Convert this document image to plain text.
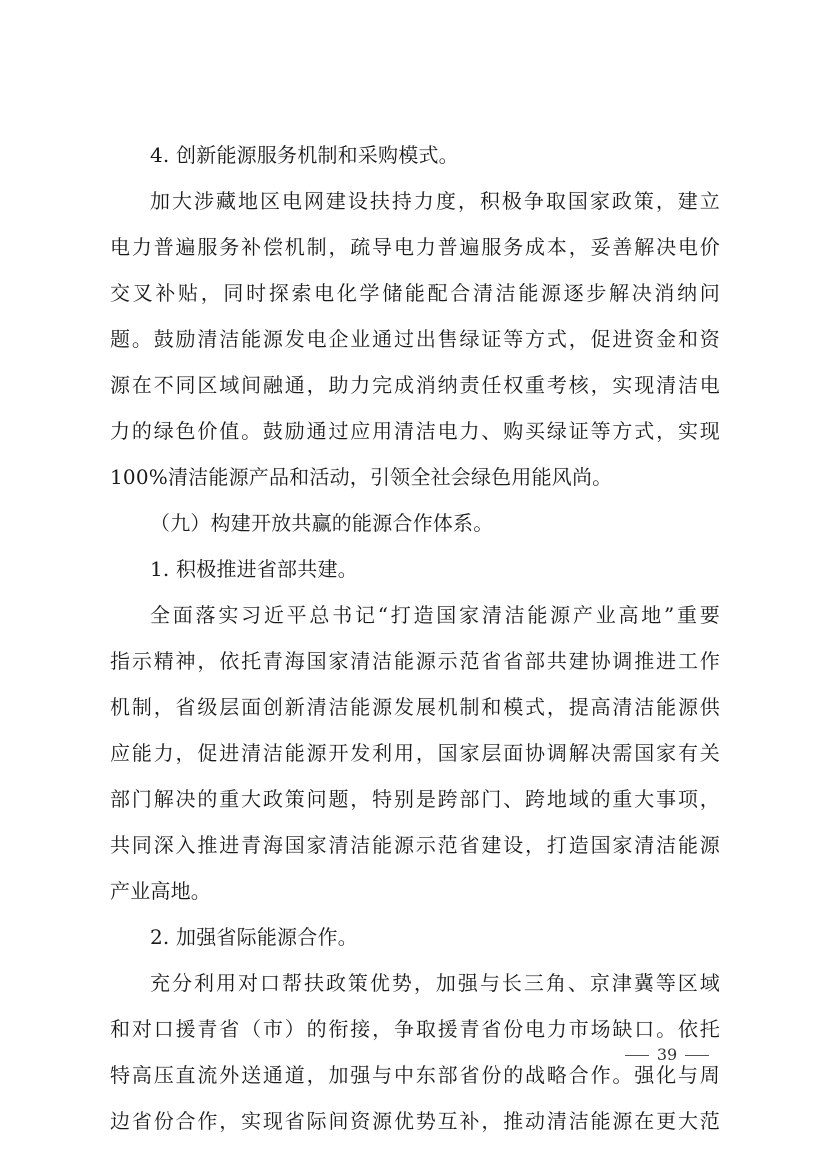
4. 创新能源服务机制和采购模式。
加大涉藏地区电网建设扶持力度，积极争取国家政策，建立
电力普遍服务补偿机制，疏导电力普遍服务成本，妥善解决电价
交叉补贴，同时探索电化学储能配合清洁能源逐步解决消纳问
题。鼓励清洁能源发电企业通过出售绿证等方式，促进资金和资
源在不同区域间融通，助力完成消纳责任权重考核，实现清洁电
力的绿色价值。鼓励通过应用清洁电力、购买绿证等方式，实现
100%清洁能源产品和活动，引领全社会绿色用能风尚。
（九）构建开放共赢的能源合作体系。
1. 积极推进省部共建。
全面落实习近平总书记“打造国家清洁能源产业高地”重要
指示精神，依托青海国家清洁能源示范省省部共建协调推进工作
机制，省级层面创新清洁能源发展机制和模式，提高清洁能源供
应能力，促进清洁能源开发利用，国家层面协调解决需国家有关
部门解决的重大政策问题，特别是跨部门、跨地域的重大事项，
共同深入推进青海国家清洁能源示范省建设，打造国家清洁能源
产业高地。
2. 加强省际能源合作。
充分利用对口帮扶政策优势，加强与长三角、京津冀等区域
和对口援青省（市）的衔接，争取援青省份电力市场缺口。依托
特高压直流外送通道，加强与中东部省份的战略合作。强化与周
边省份合作，实现省际间资源优势互补，推动清洁能源在更大范
39
